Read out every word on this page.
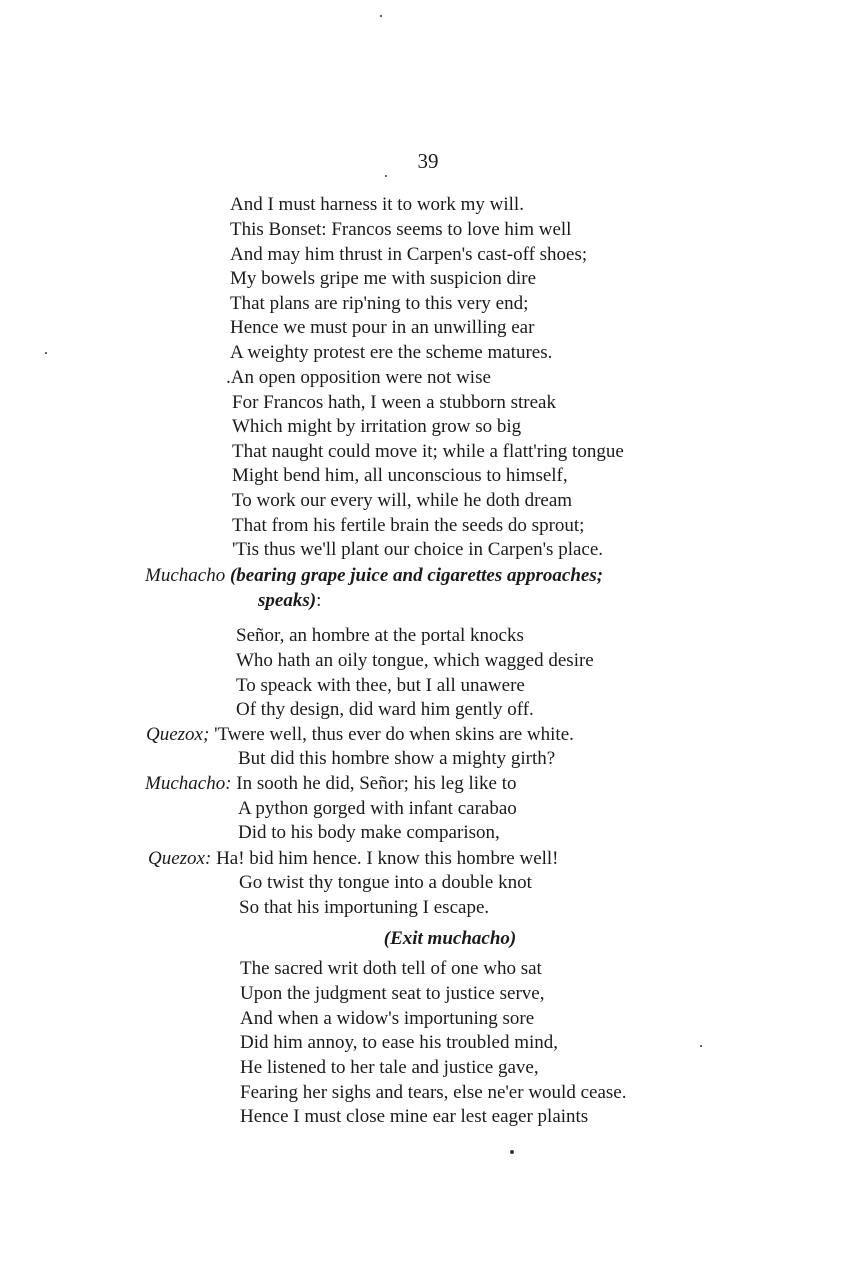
39
And I must harness it to work my will.
This Bonset: Francos seems to love him well
And may him thrust in Carpen's cast-off shoes;
My bowels gripe me with suspicion dire
That plans are rip'ning to this very end;
Hence we must pour in an unwilling ear
A weighty protest ere the scheme matures.
.An open opposition were not wise
For Francos hath, I ween a stubborn streak
Which might by irritation grow so big
That naught could move it; while a flatt'ring tongue
Might bend him, all unconscious to himself,
To work our every will, while he doth dream
That from his fertile brain the seeds do sprout;
'Tis thus we'll plant our choice in Carpen's place.
Muchacho (bearing grape juice and cigarettes approaches;
speaks):
Señor, an hombre at the portal knocks
Who hath an oily tongue, which wagged desire
To speack with thee, but I all unawere
Of thy design, did ward him gently off.
Quezox; 'Twere well, thus ever do when skins are white.
But did this hombre show a mighty girth?
Muchacho: In sooth he did, Señor; his leg like to
A python gorged with infant carabao
Did to his body make comparison,
Quezox: Ha! bid him hence. I know this hombre well!
Go twist thy tongue into a double knot
So that his importuning I escape.
(Exit muchacho)
The sacred writ doth tell of one who sat
Upon the judgment seat to justice serve,
And when a widow's importuning sore
Did him annoy, to ease his troubled mind,
He listened to her tale and justice gave,
Fearing her sighs and tears, else ne'er would cease.
Hence I must close mine ear lest eager plaints
